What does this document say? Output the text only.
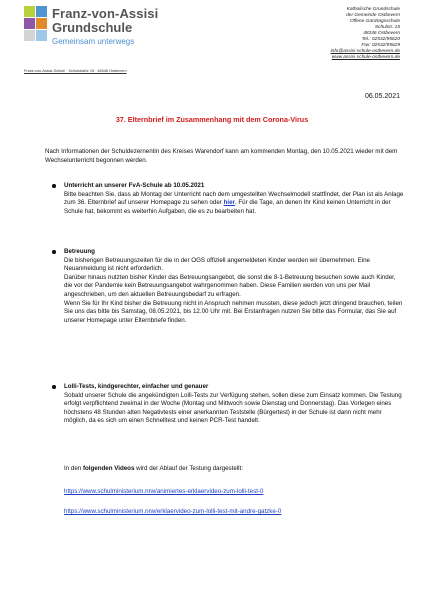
Franz-von-Assisi
Grundschule
Gemeinsam unterwegs
Katholische Grundschule
der Gemeinde Ostbevern
Offene Ganztagsschule
Schulstr. 15
48346 Ostbevern
Tel.: 02532/95620
Fax: 02532/95629
info@assisi-schule-ostbevern.de
www.assisi-schule-ostbevern.de
Franz-von-Assisi-Schule · Schulstraße 15 · 48346 Ostbevern
06.05.2021
37. Elternbrief im Zusammenhang mit dem Corona-Virus
Nach Informationen der Schuldezernentin des Kreises Warendorf kann am kommenden Montag, den 10.05.2021 wieder mit dem Wechselunterricht begonnen werden.

Unterricht an unserer FvA-Schule ab 10.05.2021

Bitte beachten Sie, dass ab Montag der Unterricht nach dem umgestellten Wechselmodell stattfindet, der Plan ist als Anlage zum 36. Elternbrief auf unserer Homepage zu sehen oder hier. Für die Tage, an denen Ihr Kind keinen Unterricht in der Schule hat, bekommt es weiterhin Aufgaben, die es zu bearbeiten hat.

Betreuung

Die bisherigen Betreuungszeiten für die in der OGS offiziell angemeldeten Kinder werden wir übernehmen. Eine Neuanmeldung ist nicht erforderlich.

Darüber hinaus nutzten bisher Kinder das Betreuungsangebot, die sonst die 8-1-Betreuung besuchen sowie auch Kinder, die vor der Pandemie kein Betreuungsangebot wahrgenommen haben. Diese Familien werden von uns per Mail angeschrieben, um den aktuellen Betreuungsbedarf zu erfragen.

Wenn Sie für Ihr Kind bisher die Betreuung nicht in Anspruch nehmen mussten, diese jedoch jetzt dringend brauchen, teilen Sie uns das bitte bis Samstag, 08.05.2021, bis 12.00 Uhr mit. Bei Erstanfragen nutzen Sie bitte das Formular, das Sie auf unserer Homepage unter Elternbriefe finden.

Lolli-Tests, kindgerechter, einfacher und genauer

Sobald unserer Schule die angekündigten Lolli-Tests zur Verfügung stehen, sollen diese zum Einsatz kommen. Die Testung erfolgt verpflichtend zweimal in der Woche (Montag und Mittwoch sowie Dienstag und Donnerstag). Das Vorlegen eines höchstens 48 Stunden alten Negativtests einer anerkannten Teststelle (Bürgertest) in der Schule ist dann nicht mehr möglich, da es sich um einen Schnelltest und keinen PCR-Test handelt.

In den folgenden Videos wird der Ablauf der Testung dargestellt:
https://www.schulministerium.nrw/animiertes-erklaervideo-zum-lolli-test-0
https://www.schulministerium.nrw/erklaervideo-zum-lolli-test-mit-andre-gatzke-0
